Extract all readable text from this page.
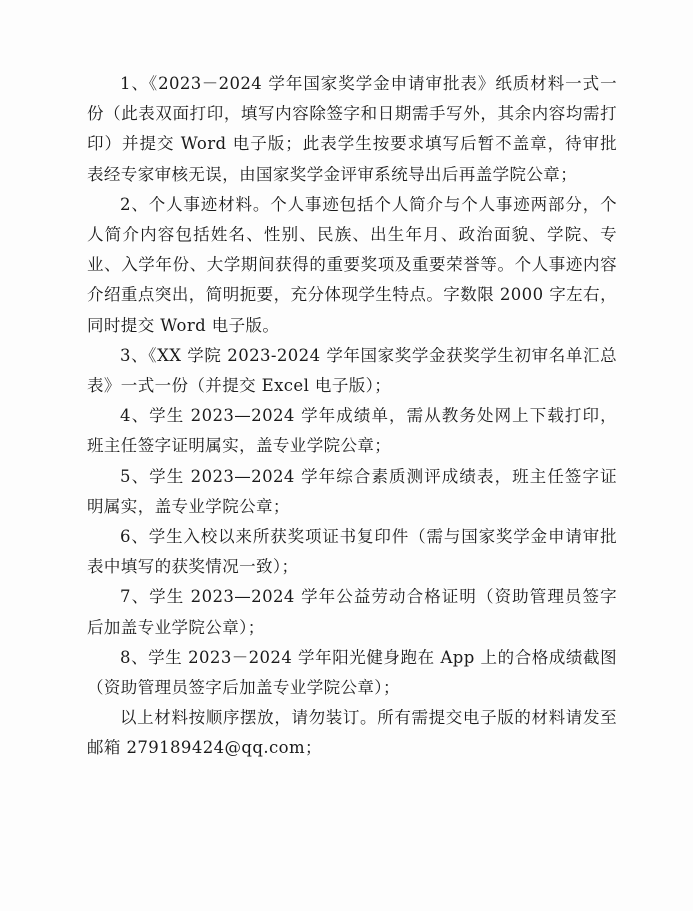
1、《2023－2024 学年国家奖学金申请审批表》纸质材料一式一份（此表双面打印，填写内容除签字和日期需手写外，其余内容均需打印）并提交 Word 电子版；此表学生按要求填写后暂不盖章，待审批表经专家审核无误，由国家奖学金评审系统导出后再盖学院公章；

2、个人事迹材料。个人事迹包括个人简介与个人事迹两部分，个人简介内容包括姓名、性别、民族、出生年月、政治面貌、学院、专业、入学年份、大学期间获得的重要奖项及重要荣誉等。个人事迹内容介绍重点突出，简明扼要，充分体现学生特点。字数限 2000 字左右，同时提交 Word 电子版。

3、《XX 学院 2023-2024 学年国家奖学金获奖学生初审名单汇总表》一式一份（并提交 Excel 电子版）；

4、学生 2023—2024 学年成绩单，需从教务处网上下载打印，班主任签字证明属实，盖专业学院公章；

5、学生 2023—2024 学年综合素质测评成绩表，班主任签字证明属实，盖专业学院公章；

6、学生入校以来所获奖项证书复印件（需与国家奖学金申请审批表中填写的获奖情况一致）；

7、学生 2023—2024 学年公益劳动合格证明（资助管理员签字后加盖专业学院公章）；

8、学生 2023－2024 学年阳光健身跑在 App 上的合格成绩截图（资助管理员签字后加盖专业学院公章）；

以上材料按顺序摆放，请勿装订。所有需提交电子版的材料请发至邮箱 279189424@qq.com；
